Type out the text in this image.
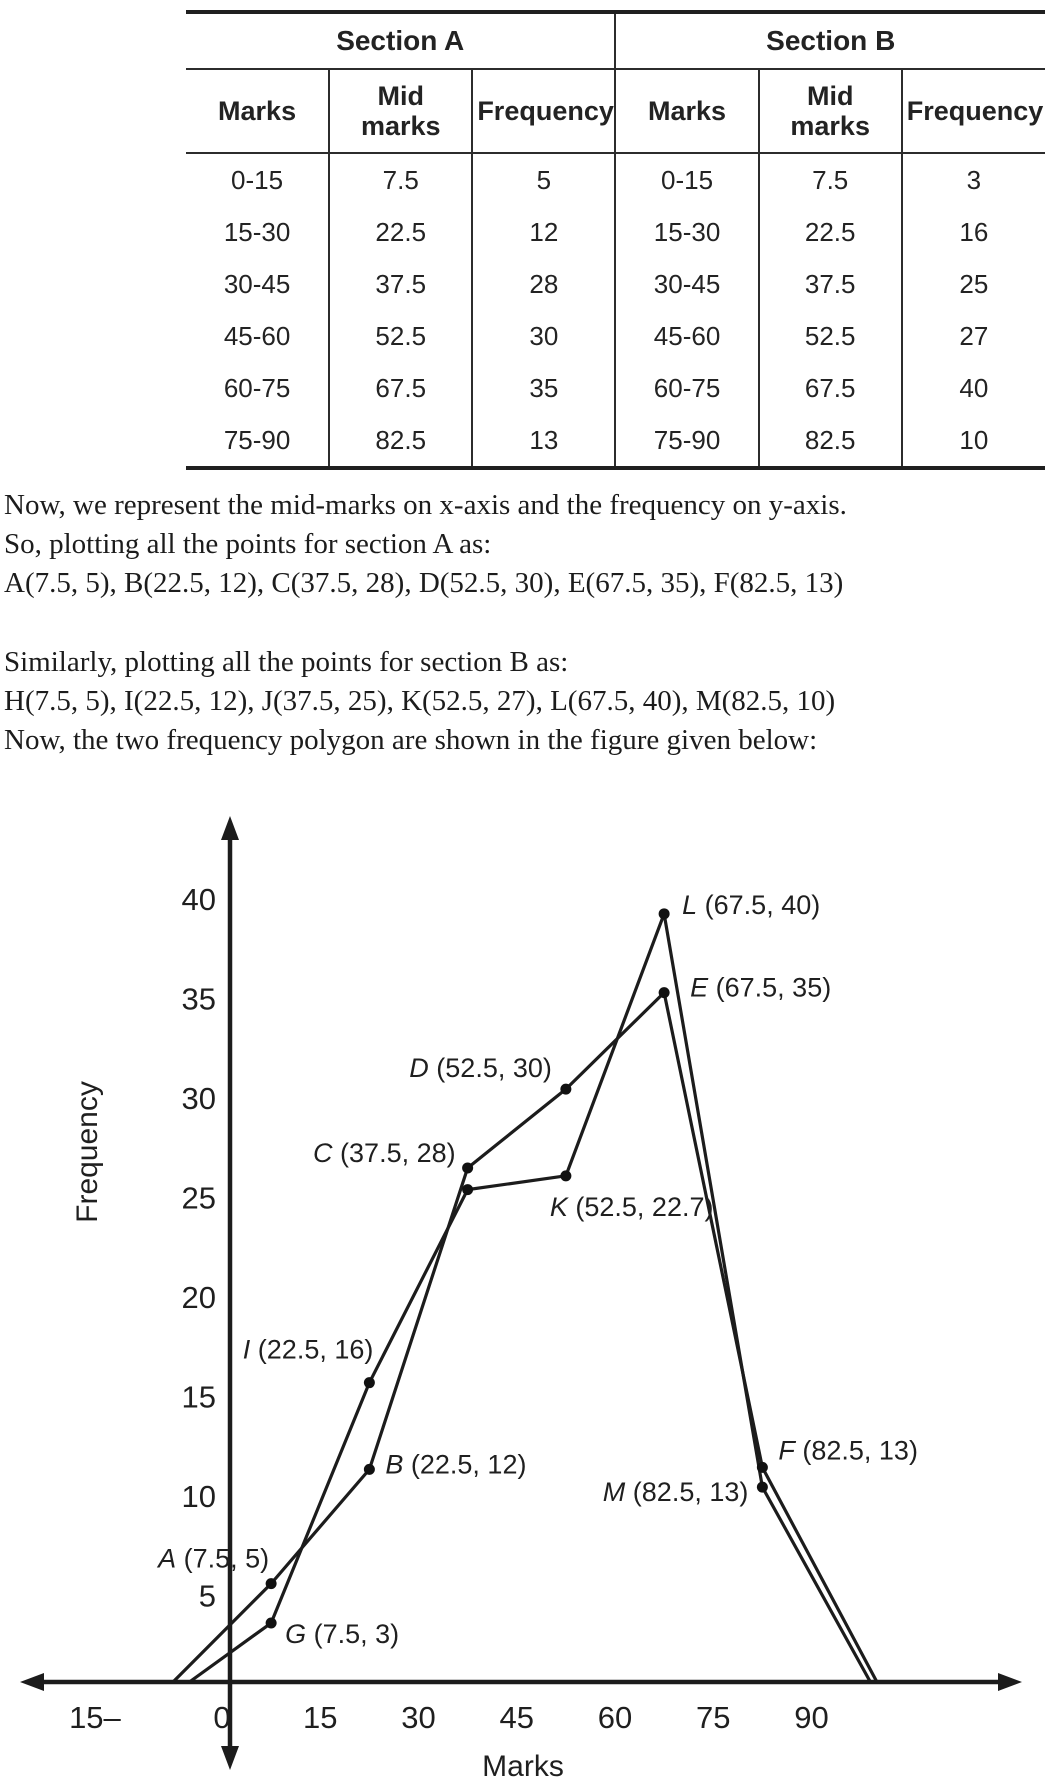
Section A			Section B		
Marks	Mid marks	Frequency	Marks	Mid marks	Frequency
0-15	7.5	5	0-15	7.5	3
15-30	22.5	12	15-30	22.5	16
30-45	37.5	28	30-45	37.5	25
45-60	52.5	30	45-60	52.5	27
60-75	67.5	35	60-75	67.5	40
75-90	82.5	13	75-90	82.5	10

Now, we represent the mid-marks on x-axis and the frequency on y-axis.

So, plotting all the points for section A as:

A(7.5, 5), B(22.5, 12), C(37.5, 28), D(52.5, 30), E(67.5, 35), F(82.5, 13)

Similarly, plotting all the points for section B as:

H(7.5, 5), I(22.5, 12), J(37.5, 25), K(52.5, 27), L(67.5, 40), M(82.5, 10)

Now, the two frequency polygon are shown in the figure given below:

15–	0 15 30 45 60 75 90
5
10
15
20
25
30
35
40
Marks
Frequency
A (7.5, 5)
G (7.5, 3)
B (22.5, 12)
I (22.5, 16)
C (37.5, 28)
D (52.5, 30)
K (52.5, 22.7)
E (67.5, 35)
L (67.5, 40)
F (82.5, 13)
M (82.5, 13)
